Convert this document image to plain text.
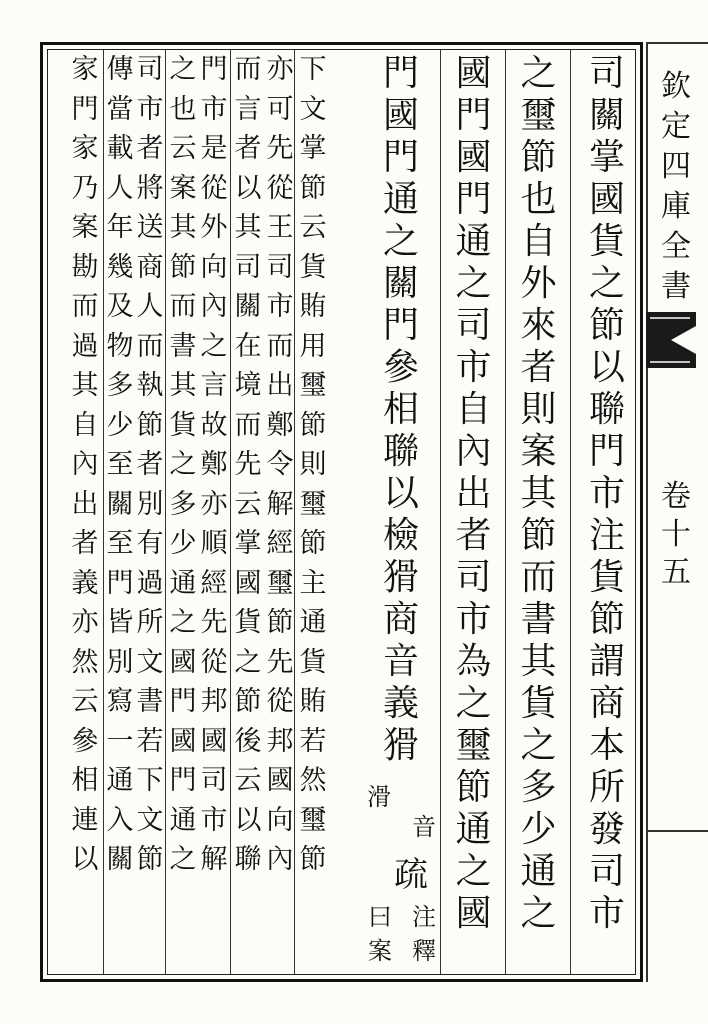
司
關
掌
國
貨
之
節
以
聯
門
市
注
貨
節
謂
商
本
所
發
司
市
之
璽
節
也
自
外
來
者
則
案
其
節
而
書
其
貨
之
多
少
通
之
國
門
國
門
通
之
司
市
自
內
出
者
司
市
為
之
璽
節
通
之
國
門
國
門
通
之
關
門
參
相
聯
以
檢
猾
商
音
義
猾
滑
音
疏
注
釋
曰
案
下
文
掌
節
云
貨
賄
用
璽
節
則
璽
節
主
通
貨
賄
若
然
璽
節
亦
可
先
從
王
司
市
而
出
鄭
令
解
經
璽
節
先
從
邦
國
向
內
而
言
者
以
其
司
關
在
境
而
先
云
掌
國
貨
之
節
後
云
以
聯
門
市
是
從
外
向
內
之
言
故
鄭
亦
順
經
先
從
邦
國
司
市
解
之
也
云
案
其
節
而
書
其
貨
之
多
少
通
之
國
門
國
門
通
之
司
市
者
將
送
商
人
而
執
節
者
別
有
過
所
文
書
若
下
文
節
傳
當
載
人
年
幾
及
物
多
少
至
關
至
門
皆
別
寫
一
通
入
關
家
門
家
乃
案
勘
而
過
其
自
內
出
者
義
亦
然
云
參
相
連
以
欽
定
四
庫
全
書
卷
十
五
